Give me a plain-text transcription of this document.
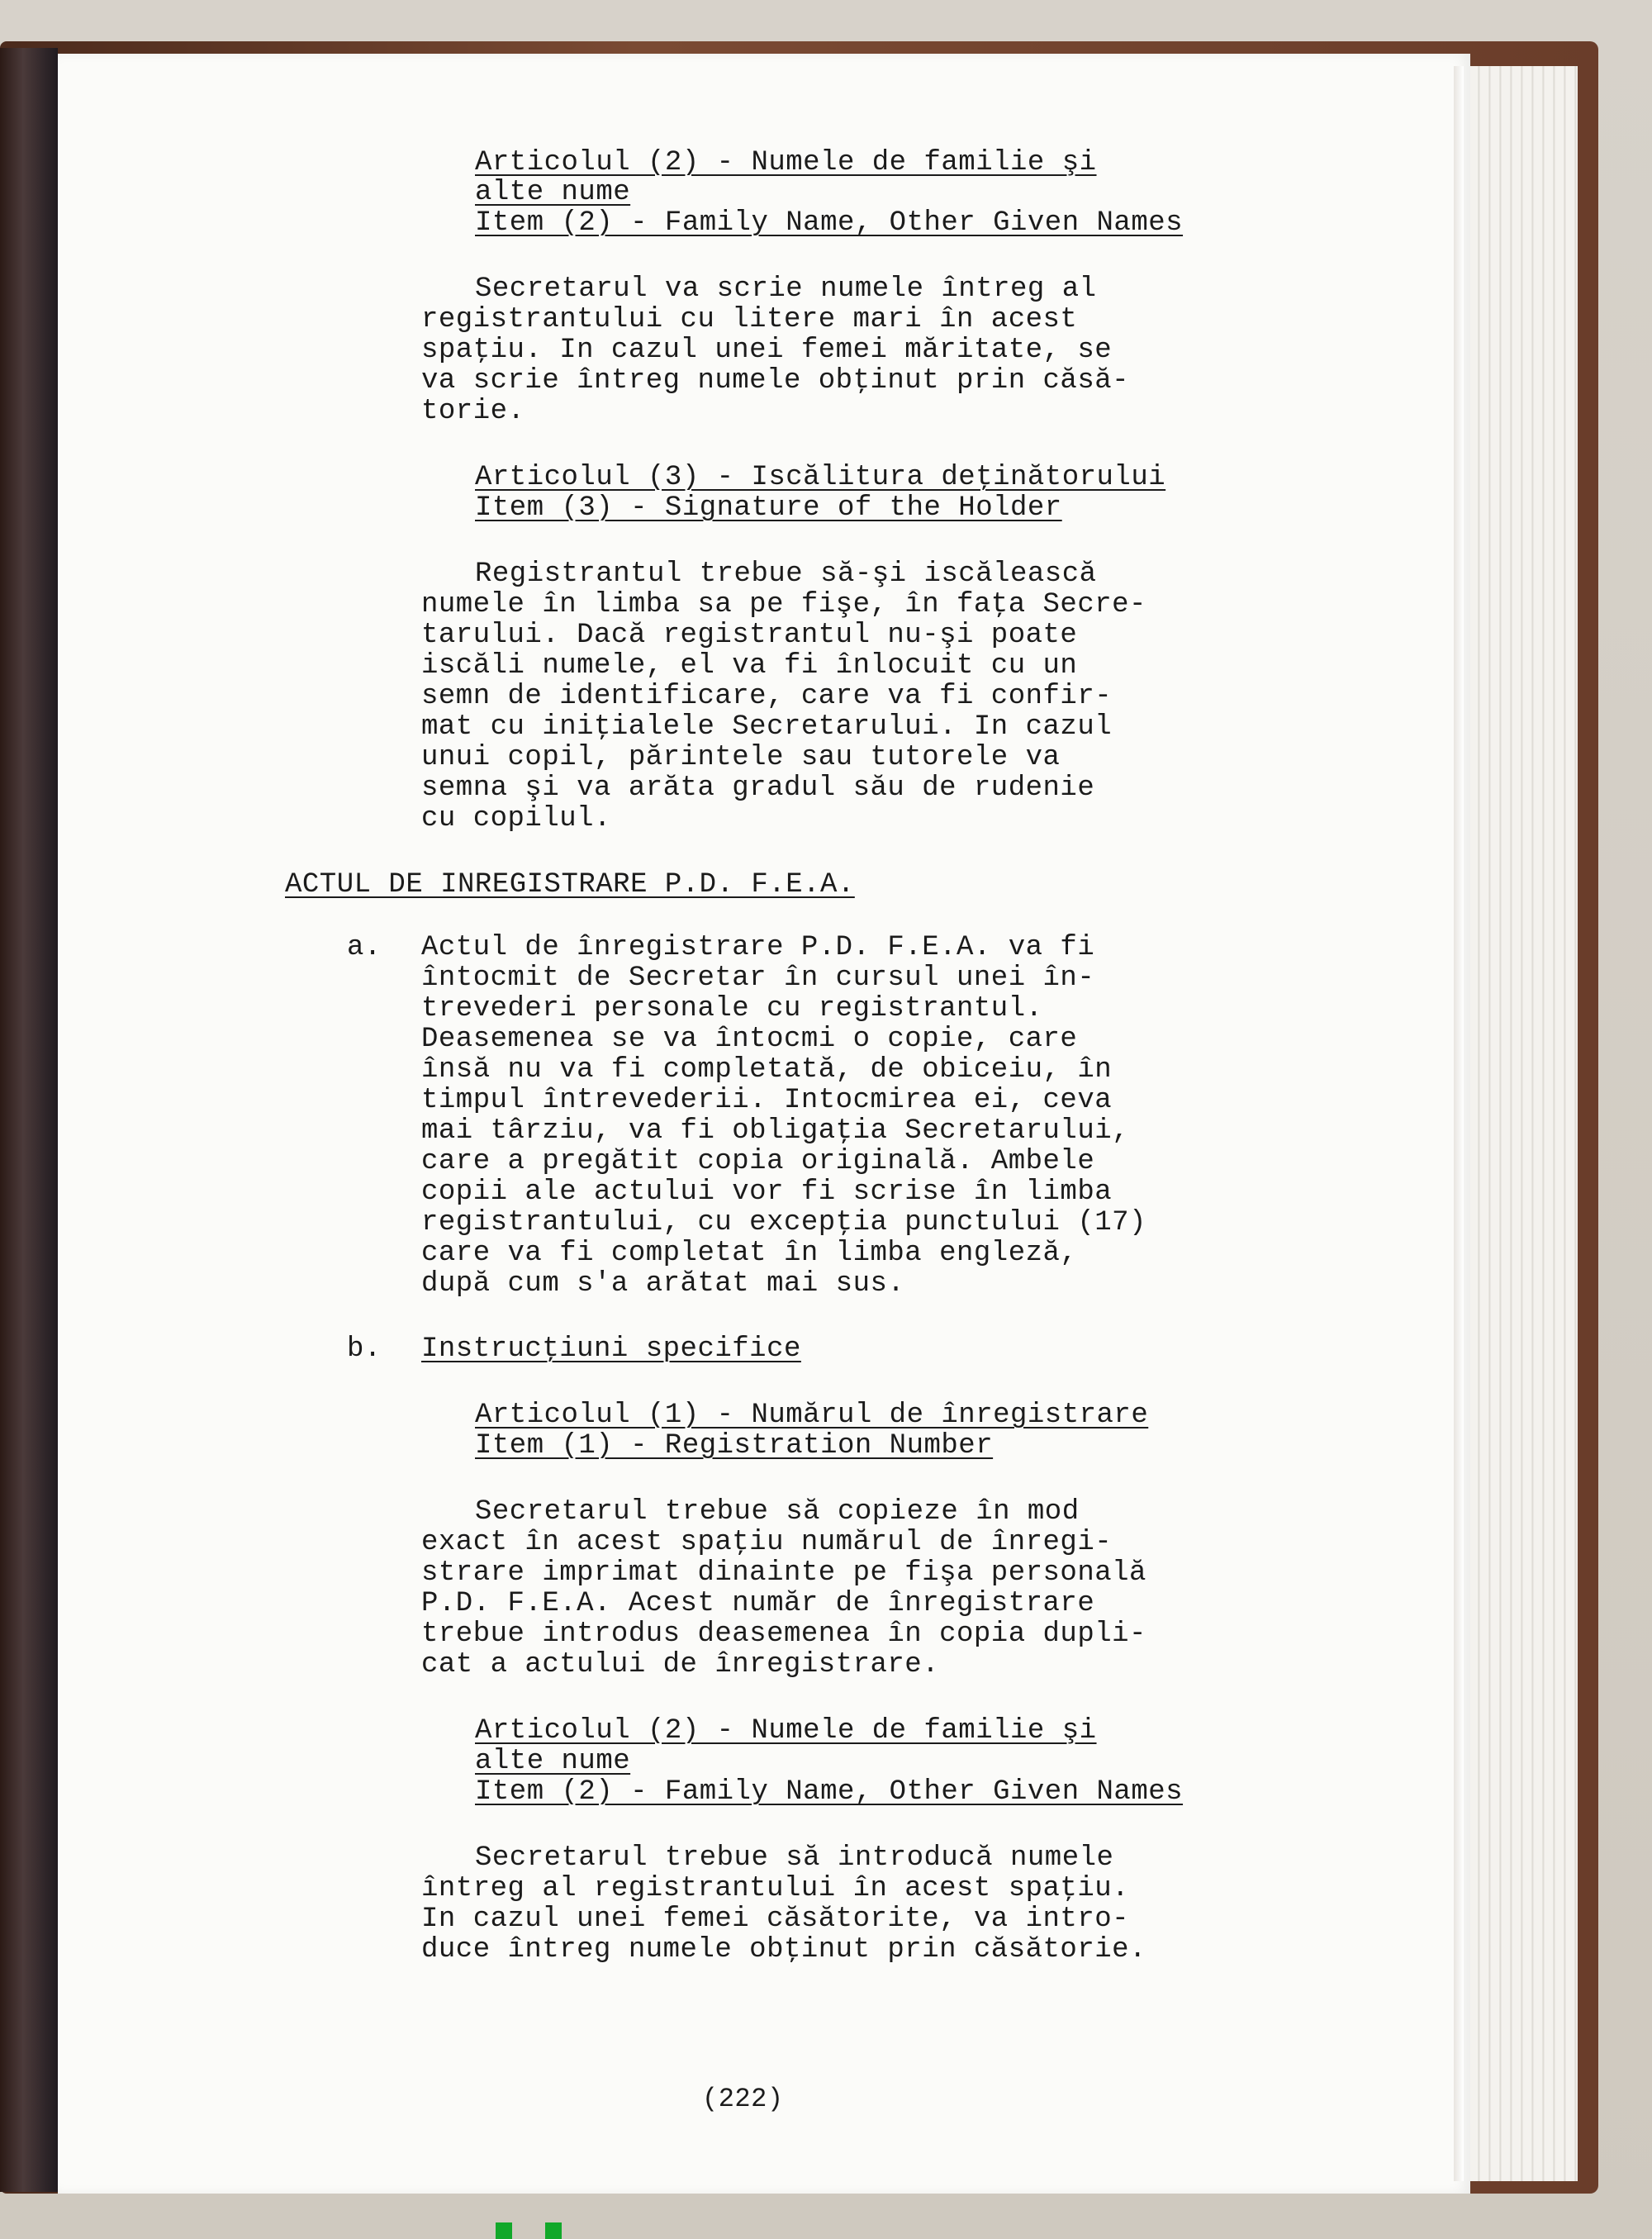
Articolul (2) - Numele de familie şi
alte nume
Item (2) - Family Name, Other Given Names
Secretarul va scrie numele întreg al
registrantului cu litere mari în acest
spaţiu. In cazul unei femei măritate, se
va scrie întreg numele obţinut prin căsă-
torie.
Articolul (3) - Iscălitura deţinătorului
Item (3) - Signature of the Holder
Registrantul trebue să-şi iscălească
numele în limba sa pe fişe, în faţa Secre-
tarului. Dacă registrantul nu-şi poate
iscăli numele, el va fi înlocuit cu un
semn de identificare, care va fi confir-
mat cu iniţialele Secretarului. In cazul
unui copil, părintele sau tutorele va
semna şi va arăta gradul său de rudenie
cu copilul.
ACTUL DE INREGISTRARE P.D. F.E.A.
a. Actul de înregistrare P.D. F.E.A. va fi
întocmit de Secretar în cursul unei în-
trevederi personale cu registrantul.
Deasemenea se va întocmi o copie, care
însă nu va fi completată, de obiceiu, în
timpul întrevederii. Intocmirea ei, ceva
mai târziu, va fi obligaţia Secretarului,
care a pregătit copia originală. Ambele
copii ale actului vor fi scrise în limba
registrantului, cu excepţia punctului (17)
care va fi completat în limba engleză,
după cum s'a arătat mai sus.
b. Instrucţiuni specifice
Articolul (1) - Numărul de înregistrare
Item (1) - Registration Number
Secretarul trebue să copieze în mod
exact în acest spaţiu numărul de înregi-
strare imprimat dinainte pe fişa personală
P.D. F.E.A. Acest număr de înregistrare
trebue introdus deasemenea în copia dupli-
cat a actului de înregistrare.
Articolul (2) - Numele de familie şi
alte nume
Item (2) - Family Name, Other Given Names
Secretarul trebue să introducă numele
întreg al registrantului în acest spaţiu.
In cazul unei femei căsătorite, va intro-
duce întreg numele obţinut prin căsătorie.
(222)
